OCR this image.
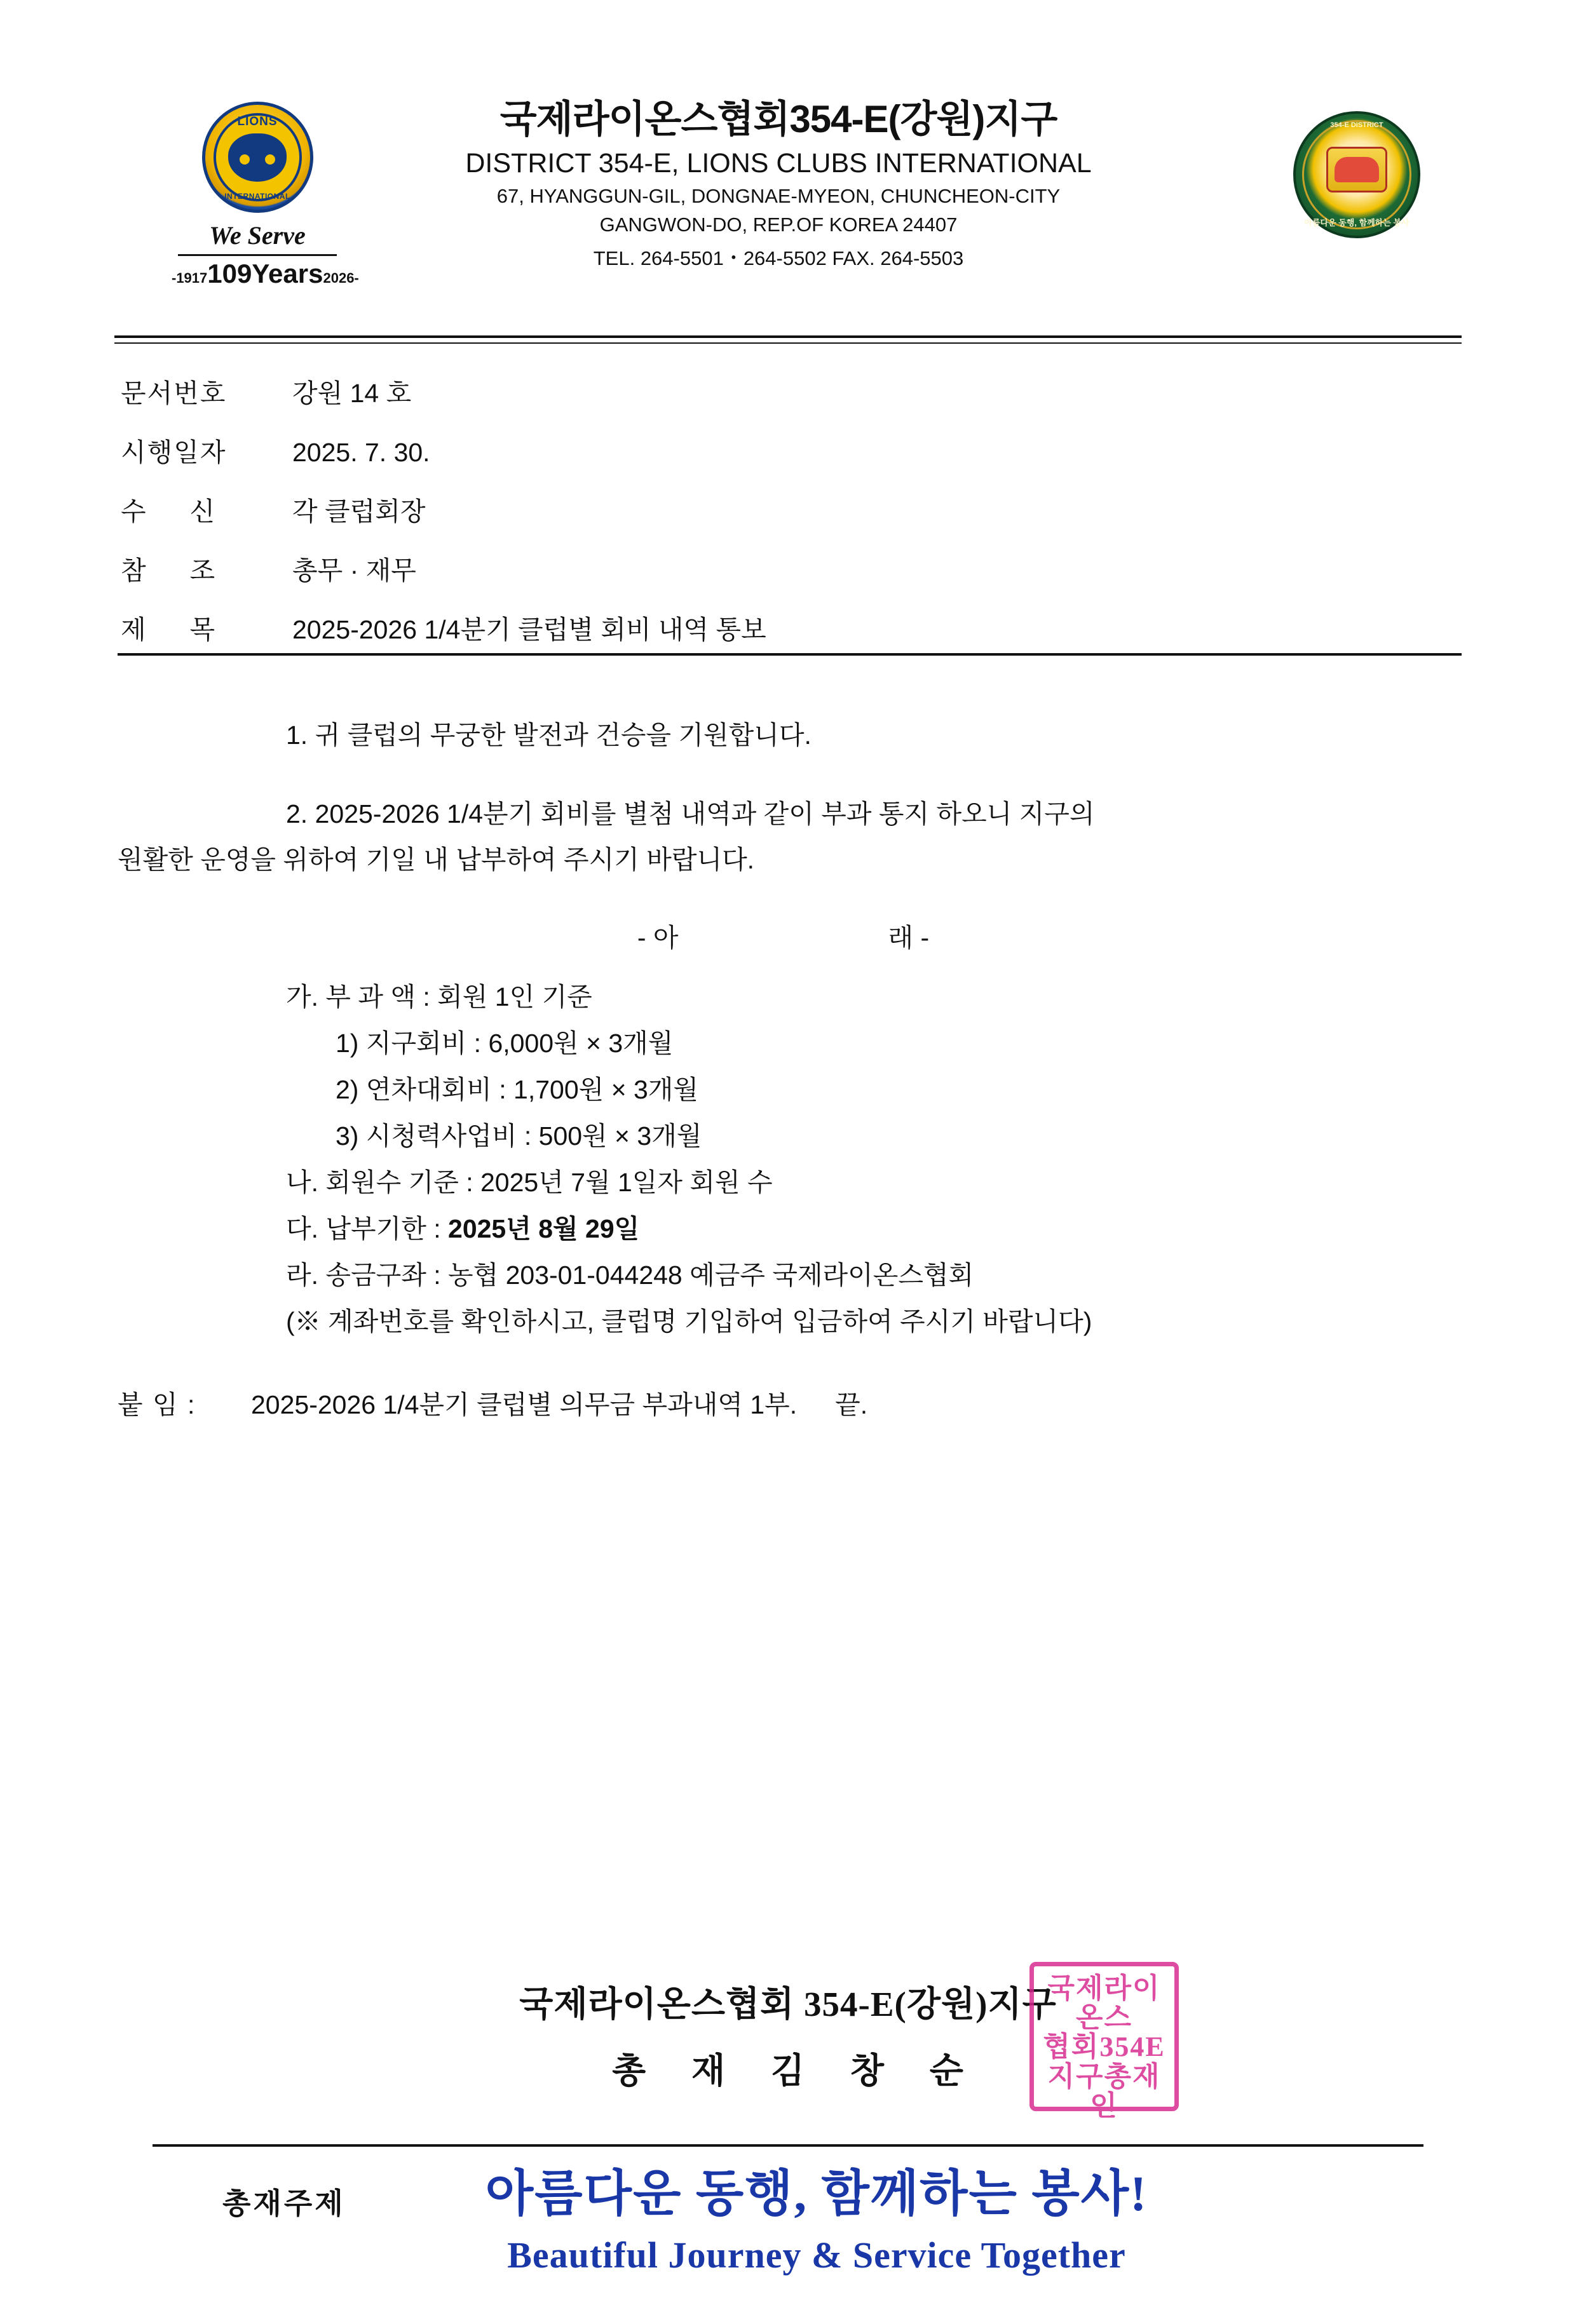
LIONS
INTERNATIONAL
We Serve
-1917109Years2026-
국제라이온스협회354-E(강원)지구
DISTRICT 354-E, LIONS CLUBS INTERNATIONAL
67, HYANGGUN-GIL, DONGNAE-MYEON, CHUNCHEON-CITY
GANGWON-DO, REP.OF KOREA 24407
TEL. 264-5501・264-5502 FAX. 264-5503
354-E DISTRICT
아름다운 동행, 함께하는 봉사
문서번호	강원 14 호
시행일자	2025. 7. 30.
수     신	각 클럽회장
참     조	총무 · 재무
제     목	2025-2026 1/4분기 클럽별 회비 내역 통보
1. 귀 클럽의 무궁한 발전과 건승을 기원합니다.
2. 2025-2026 1/4분기 회비를 별첨 내역과 같이 부과 통지 하오니 지구의
원활한 운영을 위하여 기일 내 납부하여 주시기 바랍니다.
- 아	래 -
가. 부 과 액 : 회원 1인 기준
1) 지구회비 : 6,000원 × 3개월
2) 연차대회비 : 1,700원 × 3개월
3) 시청력사업비 : 500원 × 3개월
나. 회원수 기준 : 2025년 7월 1일자 회원 수
다. 납부기한 : 2025년 8월 29일
라. 송금구좌 : 농협 203-01-044248 예금주 국제라이온스협회
(※ 계좌번호를 확인하시고, 클럽명 기입하여 입금하여 주시기 바랍니다)
붙 임 : 2025-2026 1/4분기 클럽별 의무금 부과내역 1부. 끝.
국제라이온스협회 354-E(강원)지구
총 재 김 창 순
국제라이온스
협회354E
지구총재인
총재주제	아름다운 동행, 함께하는 봉사!
Beautiful Journey & Service Together
